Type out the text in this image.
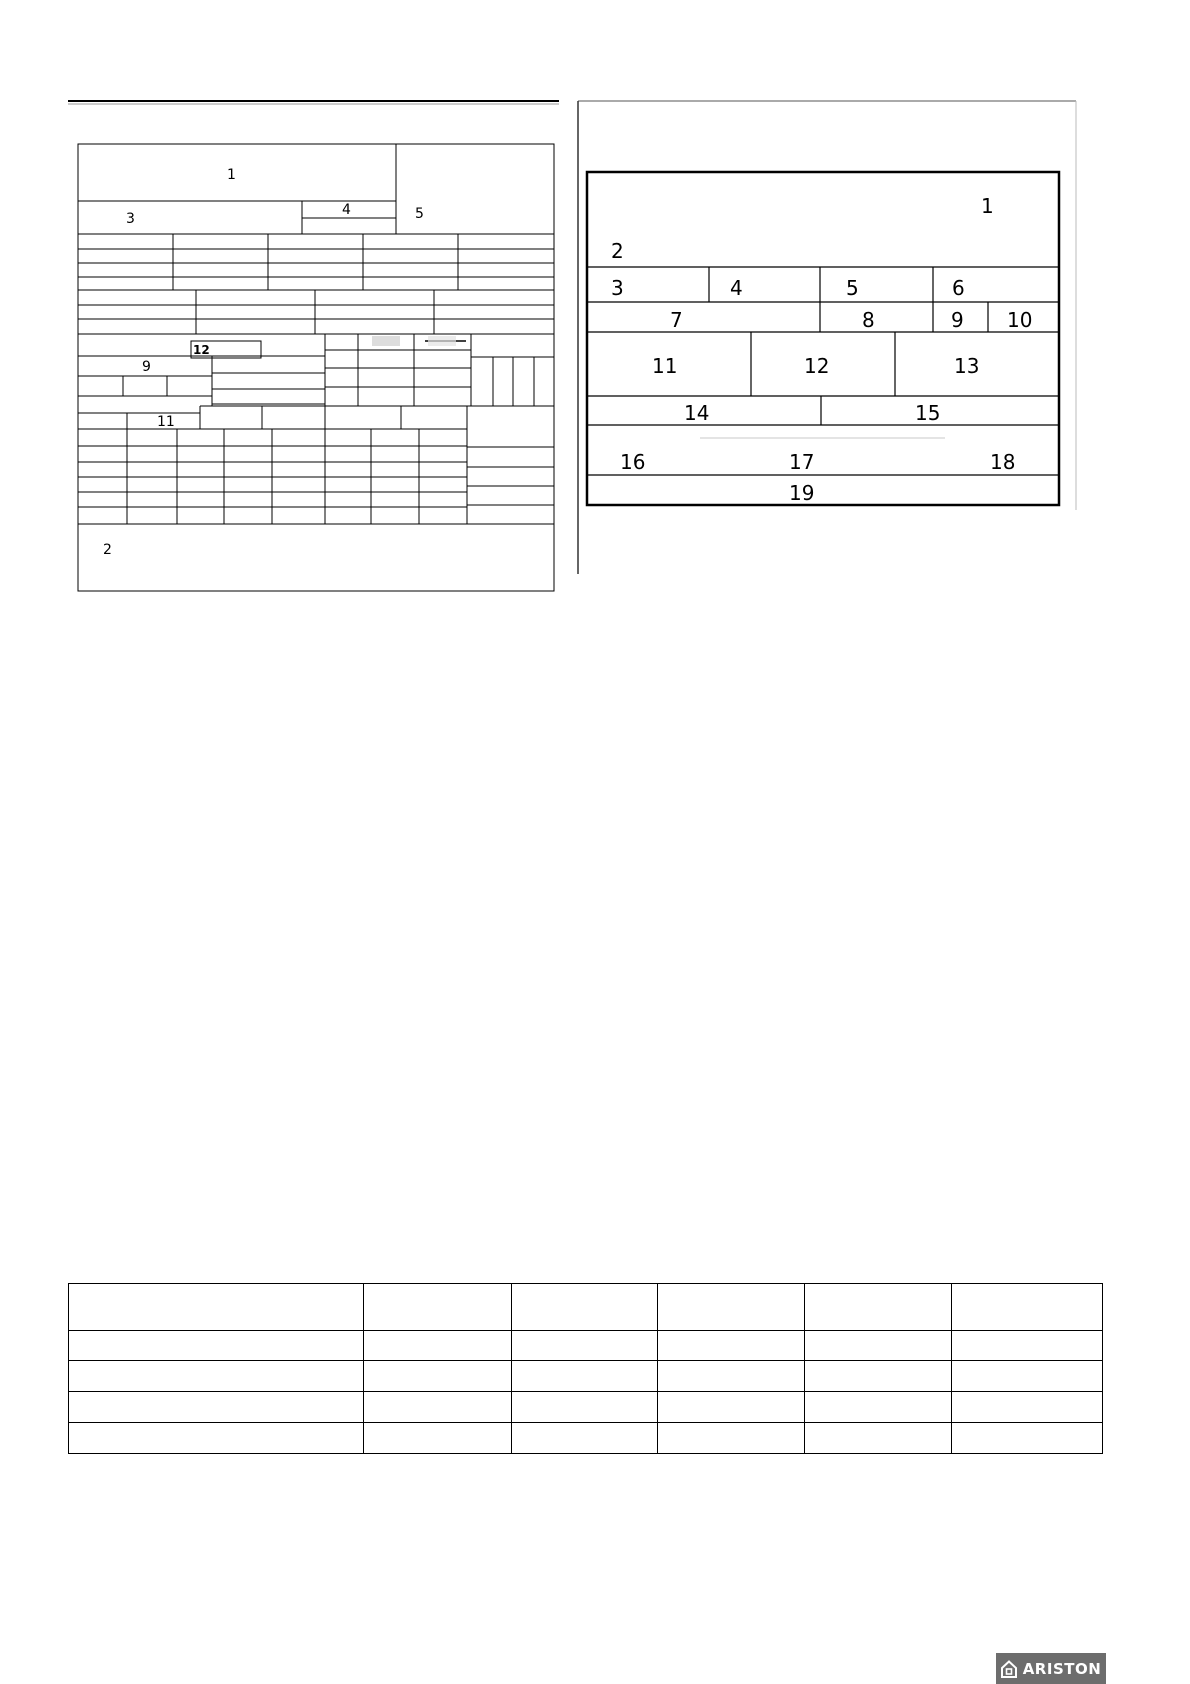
1
3
4	5
12
9
11
2
1
2
3	4	5	6
7	8	9 10
11	12	13
14	15
16	17	18
19

ARISTON
